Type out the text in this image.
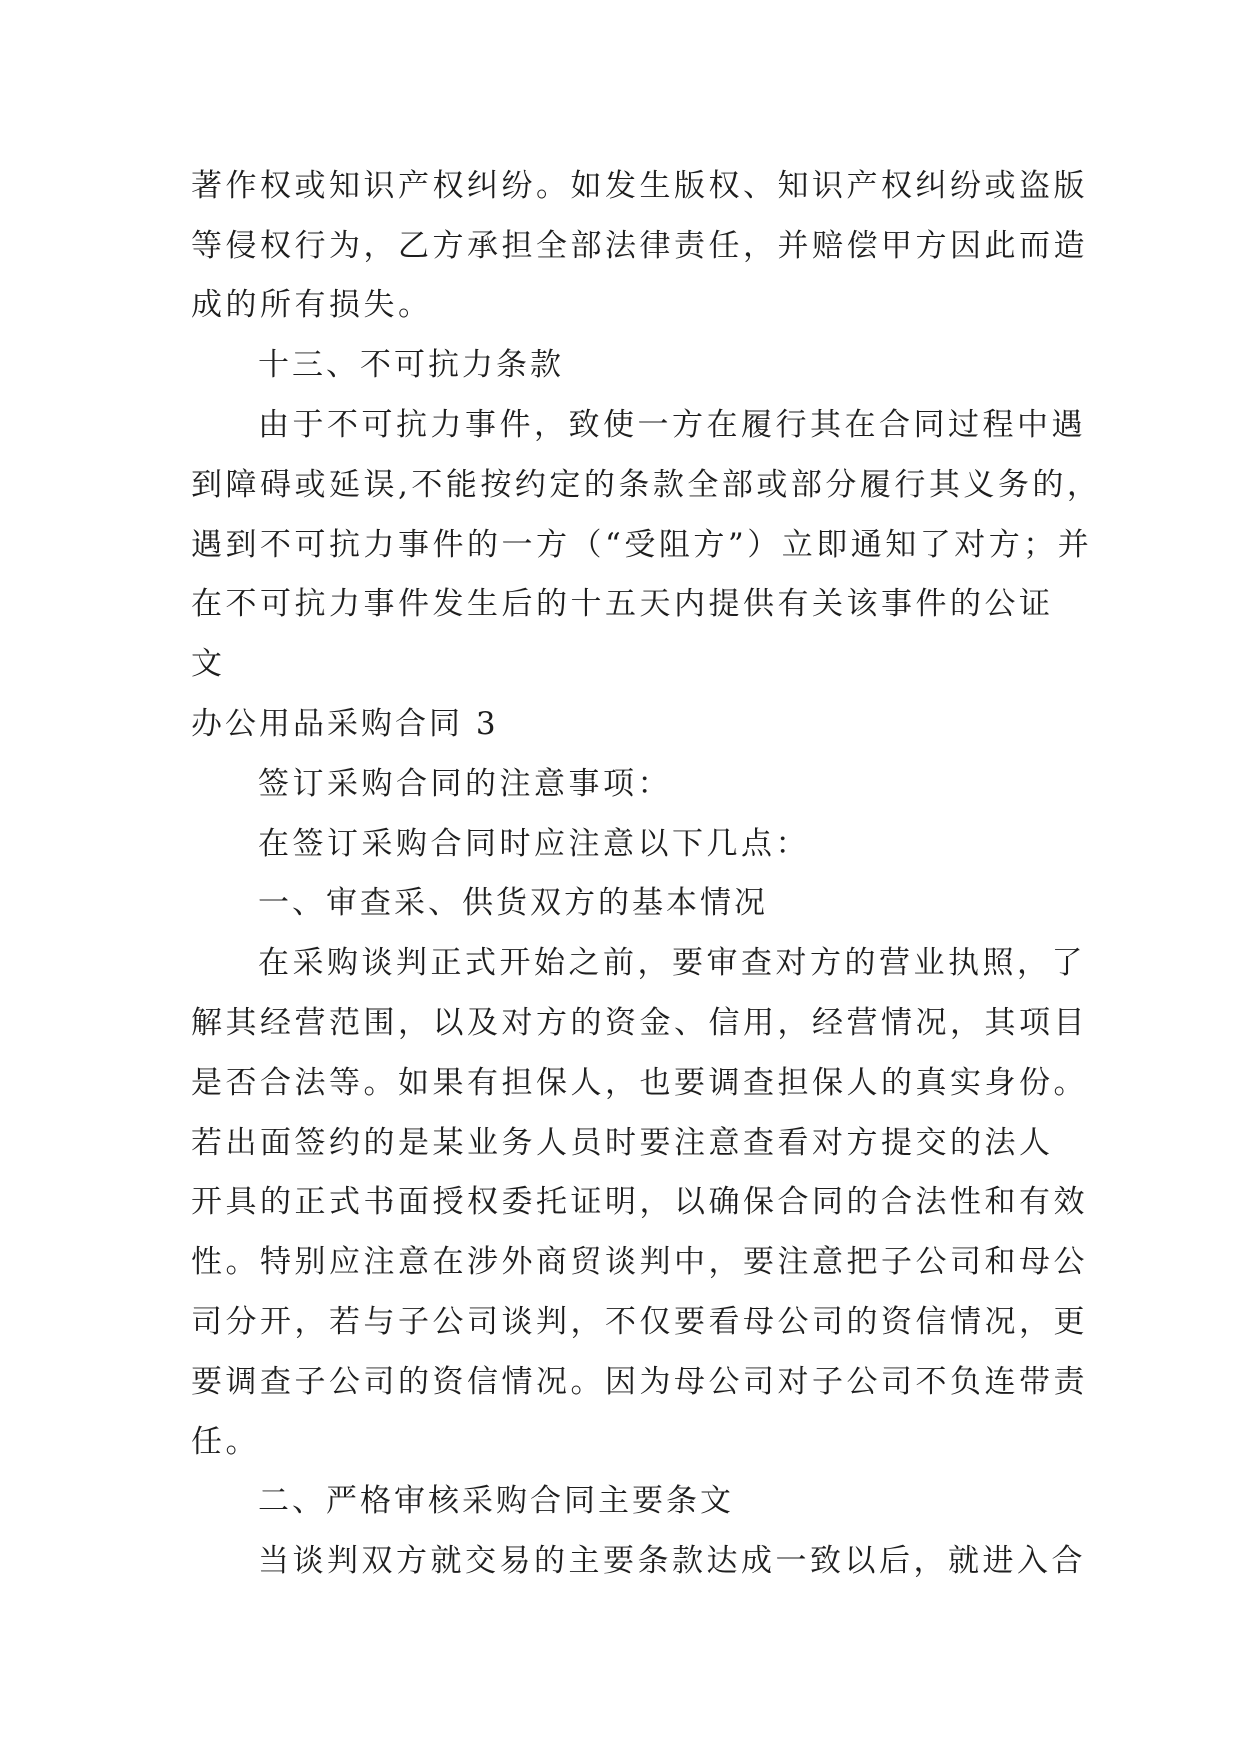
著作权或知识产权纠纷。如发生版权、知识产权纠纷或盗版
等侵权行为，乙方承担全部法律责任，并赔偿甲方因此而造
成的所有损失。
十三、不可抗力条款
由于不可抗力事件，致使一方在履行其在合同过程中遇
到障碍或延误,不能按约定的条款全部或部分履行其义务的，
遇到不可抗力事件的一方（“受阻方”）立即通知了对方；并
在不可抗力事件发生后的十五天内提供有关该事件的公证
文
办公用品采购合同 3
签订采购合同的注意事项：
在签订采购合同时应注意以下几点：
一、审查采、供货双方的基本情况
在采购谈判正式开始之前，要审查对方的营业执照，了
解其经营范围，以及对方的资金、信用，经营情况，其项目
是否合法等。如果有担保人，也要调查担保人的真实身份。
若出面签约的是某业务人员时要注意查看对方提交的法人
开具的正式书面授权委托证明，以确保合同的合法性和有效
性。特别应注意在涉外商贸谈判中，要注意把子公司和母公
司分开，若与子公司谈判，不仅要看母公司的资信情况，更
要调查子公司的资信情况。因为母公司对子公司不负连带责
任。
二、严格审核采购合同主要条文
当谈判双方就交易的主要条款达成一致以后，就进入合
